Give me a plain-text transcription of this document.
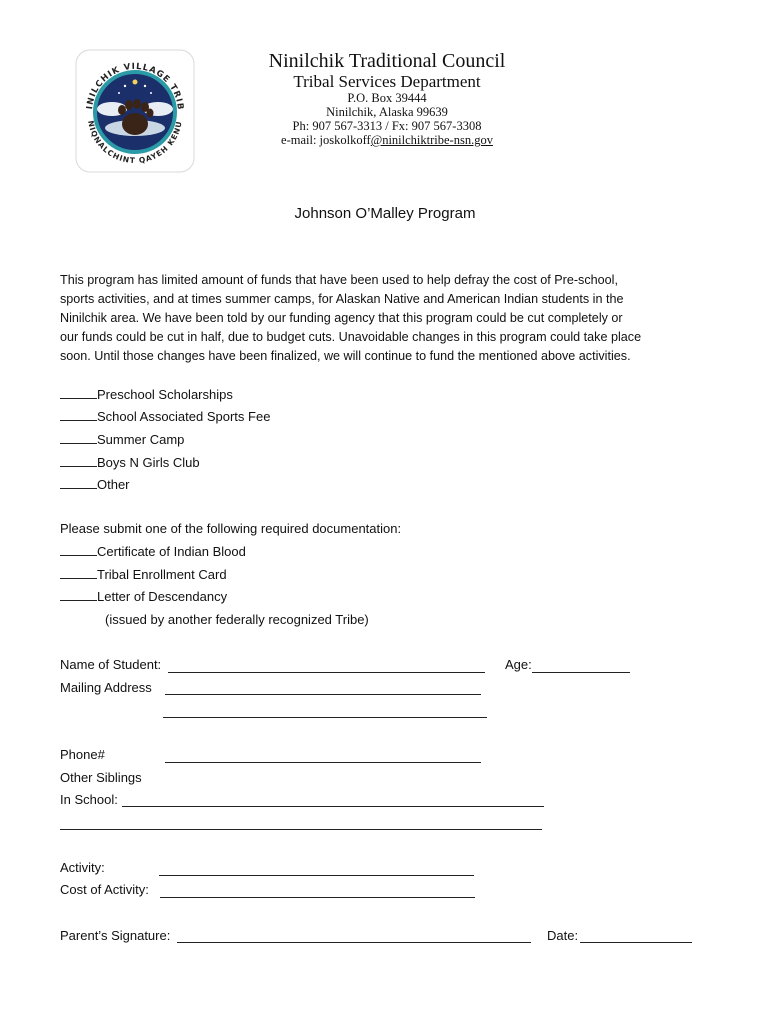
INILCHIK VILLAGE TRIB
NIQNALCHINT QAYEH KENU
Ninilchik Traditional Council
Tribal Services Department
P.O. Box 39444
Ninilchik, Alaska 99639
Ph: 907 567-3313 / Fx: 907 567-3308
e-mail: joskolkoff@ninilchiktribe-nsn.gov
Johnson O’Malley Program
This program has limited amount of funds that have been used to help defray the cost of Pre-school,
sports activities, and at times summer camps, for Alaskan Native and American Indian students in the
Ninilchik area. We have been told by our funding agency that this program could be cut completely or
our funds could be cut in half, due to budget cuts. Unavoidable changes in this program could take place
soon. Until those changes have been finalized, we will continue to fund the mentioned above activities.
Preschool Scholarships
School Associated Sports Fee
Summer Camp
Boys N Girls Club
Other
Please submit one of the following required documentation:
Certificate of Indian Blood
Tribal Enrollment Card
Letter of Descendancy
(issued by another federally recognized Tribe)
Name of Student:	Age:
Mailing Address
Phone#
Other Siblings
In School:
Activity:
Cost of Activity:
Parent’s Signature:	Date:
